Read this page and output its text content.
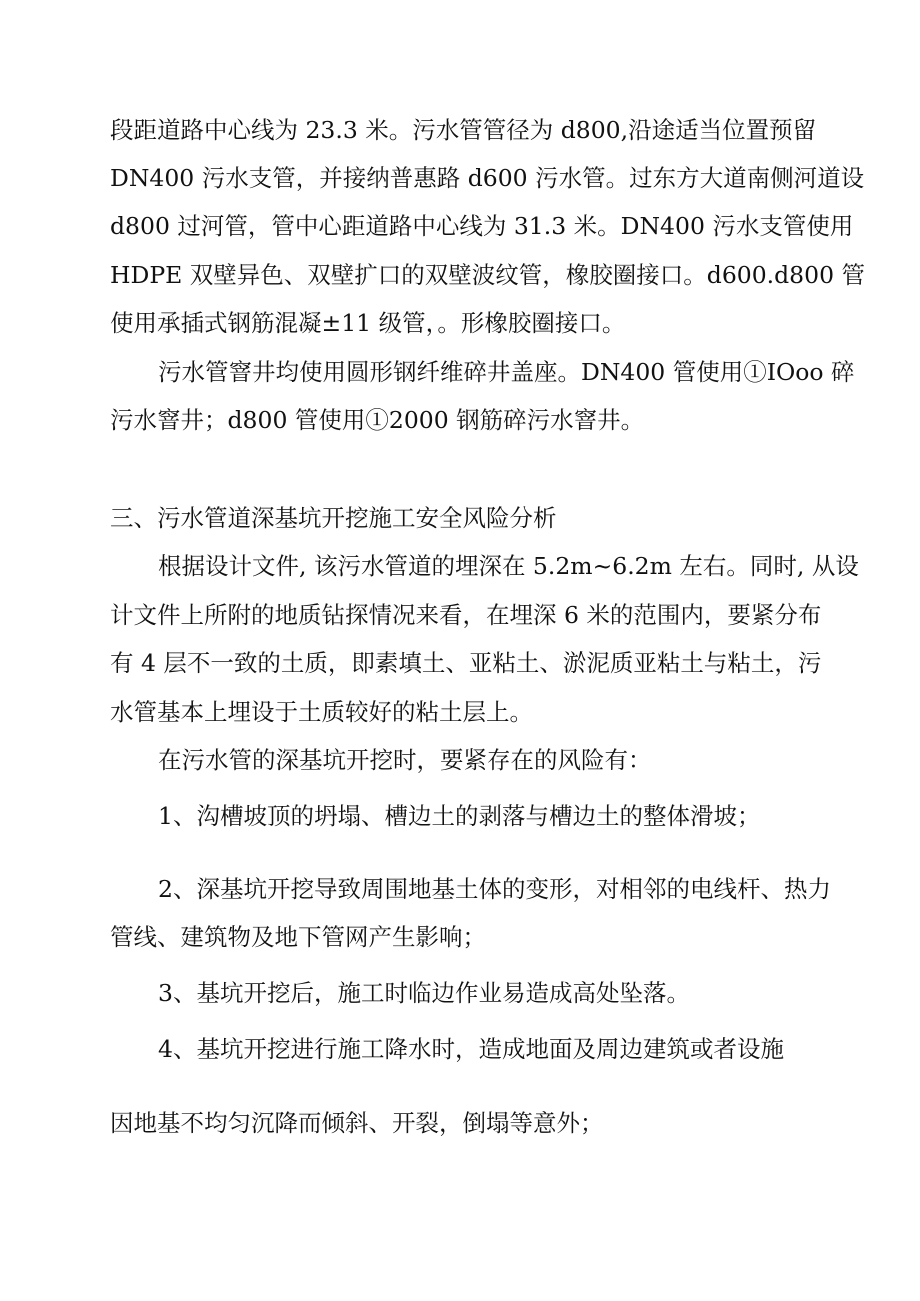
段距道路中心线为 23.3 米。污水管管径为 d800,沿途适当位置预留
DN400 污水支管，并接纳普惠路 d600 污水管。过东方大道南侧河道设
d800 过河管，管中心距道路中心线为 31.3 米。DN400 污水支管使用
HDPE 双壁异色、双壁扩口的双壁波纹管，橡胶圈接口。d600.d800 管
使用承插式钢筋混凝±11 级管，。形橡胶圈接口。
污水管窨井均使用圆形钢纤维碎井盖座。DN400 管使用①IOoo 碎
污水窨井；d800 管使用①2000 钢筋碎污水窨井。
三、污水管道深基坑开挖施工安全风险分析
根据设计文件, 该污水管道的埋深在 5.2m~6.2m 左右。同时, 从设
计文件上所附的地质钻探情况来看，在埋深 6 米的范围内，要紧分布
有 4 层不一致的土质，即素填土、亚粘土、淤泥质亚粘土与粘土，污
水管基本上埋设于土质较好的粘土层上。
在污水管的深基坑开挖时，要紧存在的风险有：
1、沟槽坡顶的坍塌、槽边土的剥落与槽边土的整体滑坡；
2、深基坑开挖导致周围地基土体的变形，对相邻的电线杆、热力
管线、建筑物及地下管网产生影响；
3、基坑开挖后，施工时临边作业易造成高处坠落。
4、基坑开挖进行施工降水时，造成地面及周边建筑或者设施
因地基不均匀沉降而倾斜、开裂，倒塌等意外；
